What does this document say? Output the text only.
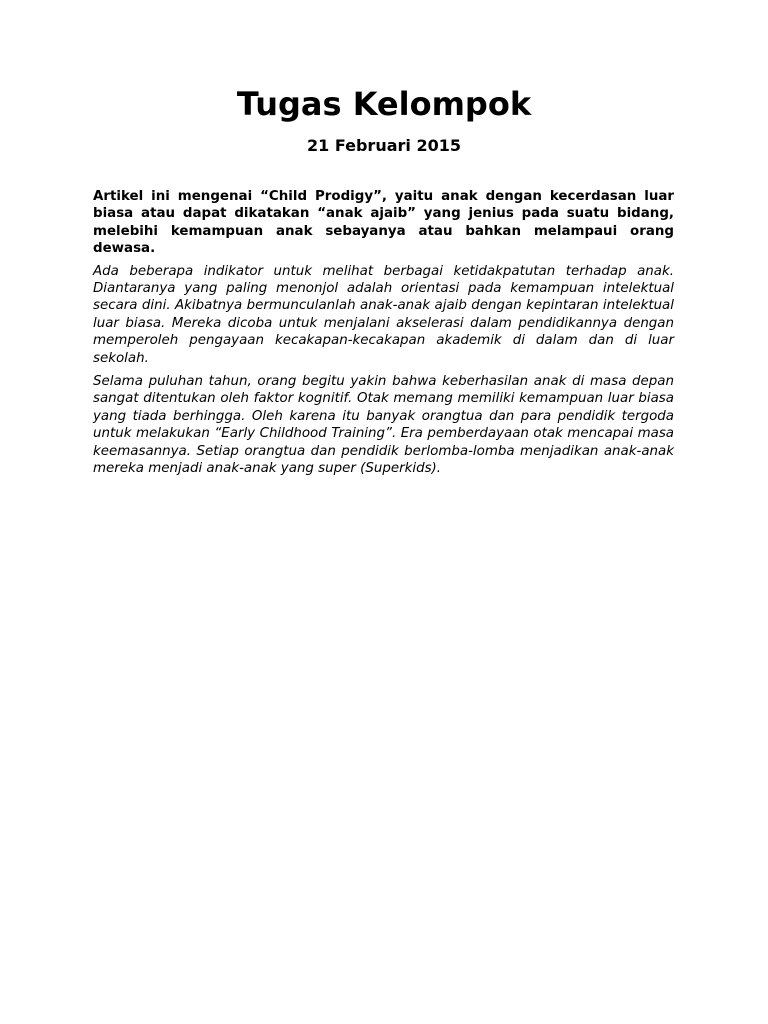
Tugas Kelompok
21 Februari 2015

Artikel ini mengenai “Child Prodigy”, yaitu anak dengan kecerdasan luar biasa atau dapat dikatakan “anak ajaib” yang jenius pada suatu bidang, melebihi kemampuan anak sebayanya atau bahkan melampaui orang dewasa.

Ada beberapa indikator untuk melihat berbagai ketidakpatutan terhadap anak. Diantaranya yang paling menonjol adalah orientasi pada kemampuan intelektual secara dini. Akibatnya bermunculanlah anak-anak ajaib dengan kepintaran intelektual luar biasa. Mereka dicoba untuk menjalani akselerasi dalam pendidikannya dengan memperoleh pengayaan kecakapan-kecakapan akademik di dalam dan di luar sekolah.

Selama puluhan tahun, orang begitu yakin bahwa keberhasilan anak di masa depan sangat ditentukan oleh faktor kognitif. Otak memang memiliki kemampuan luar biasa yang tiada berhingga. Oleh karena itu banyak orangtua dan para pendidik tergoda untuk melakukan “Early Childhood Training”. Era pemberdayaan otak mencapai masa keemasannya. Setiap orangtua dan pendidik berlomba-lomba menjadikan anak-anak mereka menjadi anak-anak yang super (Superkids).
